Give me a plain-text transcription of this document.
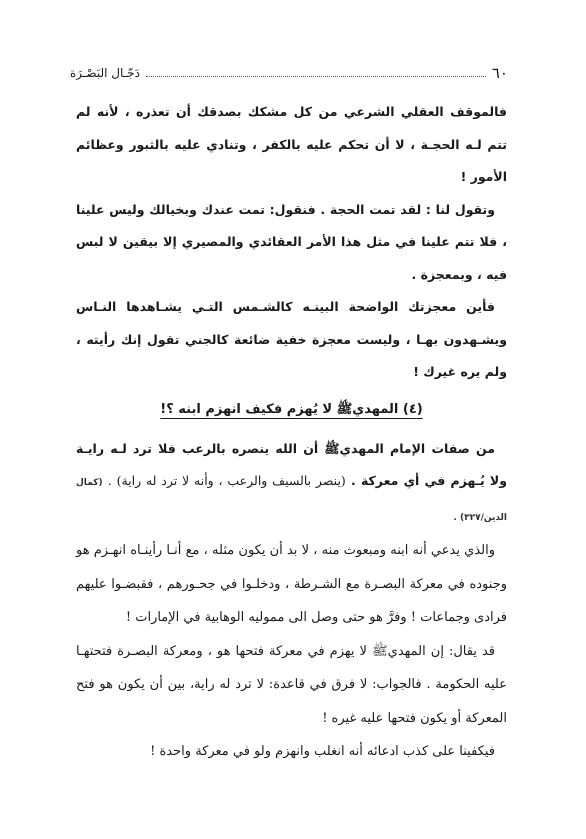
٦٠
دَجّـال البَصْـرَة

فالموقف العقلي الشرعي من كل مشكك بصدقك أن تعذره ، لأنه لم تتم لـه الحجـة ، لا أن تحكم عليه بالكفر ، وتنادي عليه بالثبور وعظائم الأمور !

وتقول لنا : لقد تمت الحجة . فنقول: تمت عندك وبخيالك وليس علينا ، فلا تتم علينا في مثل هذا الأمر العقائدي والمصيري إلا بيقين لا لبس فيه ، وبمعجزة .

فأين معجزتك الواضحة البينـه كالشـمس التـي يشـاهدها النـاس ويشـهدون بهـا ، وليست معجزة خفية ضائعة كالجني تقول إنك رأيته ، ولم يره غيرك !

(٤) المهديﷺ لا يُهزم فكيف انهزم ابنه ؟!

من صفات الإمام المهديﷺ أن الله ينصره بالرعب فلا ترد لـه رايـة ولا يُـهزم في أي معركة . (ينصر بالسيف والرعب ، وأنه لا ترد له راية) . (كمال الدين/٣٢٧) .

والذي يدعي أنه ابنه ومبعوث منه ، لا بد أن يكون مثله ، مع أنـا رأينـاه انهـزم هو وجنوده في معركة البصـرة مع الشـرطة ، ودخلـوا في جحـورهم ، فقبضـوا عليهم فرادى وجماعات ! وفرَّ هو حتى وصل الى مموليه الوهابية في الإمارات !

قد يقال: إن المهديﷺ لا يهزم في معركة فتحها هو ، ومعركة البصـرة فتحتهـا عليه الحكومة . فالجواب: لا فرق في قاعدة: لا ترد له راية، بين أن يكون هو فتح المعركة أو يكون فتحها عليه غيره !

فيكفينا على كذب ادعائه أنه انغلب وانهزم ولو في معركة واحدة !
